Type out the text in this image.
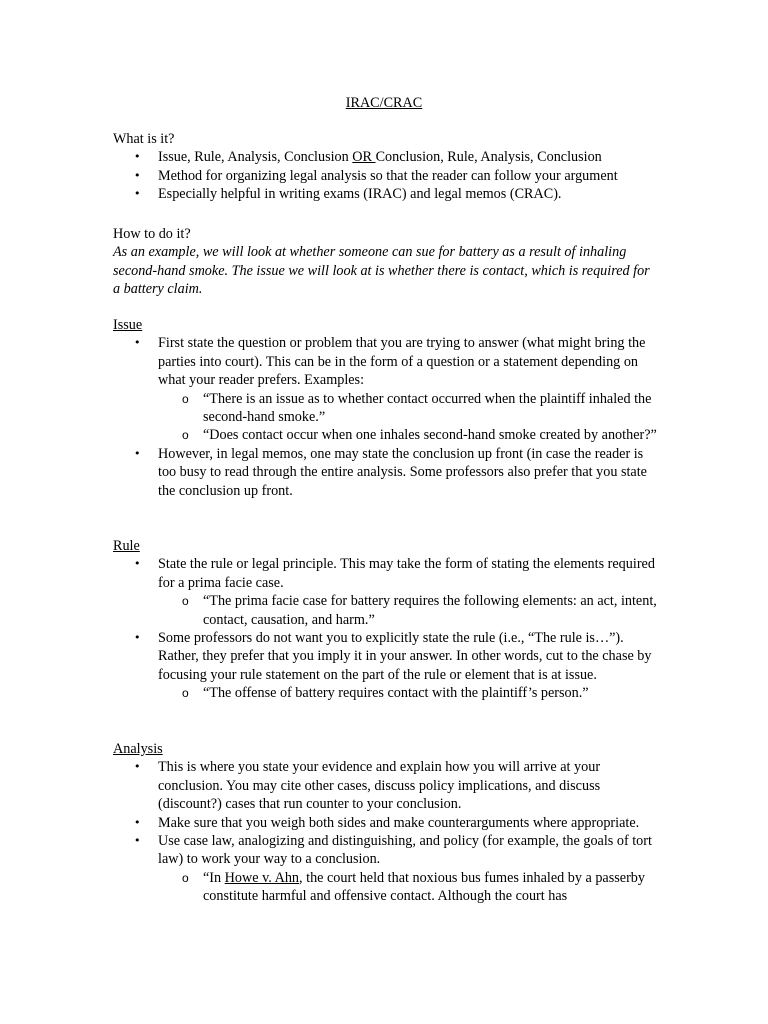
IRAC/CRAC

What is it?

• Issue, Rule, Analysis, Conclusion OR Conclusion, Rule, Analysis, Conclusion
• Method for organizing legal analysis so that the reader can follow your argument
• Especially helpful in writing exams (IRAC) and legal memos (CRAC).

How to do it?

As an example, we will look at whether someone can sue for battery as a result of inhaling second-hand smoke. The issue we will look at is whether there is contact, which is required for a battery claim.

Issue

• First state the question or problem that you are trying to answer (what might bring the parties into court). This can be in the form of a question or a statement depending on what your reader prefers. Examples:
o “There is an issue as to whether contact occurred when the plaintiff inhaled the second-hand smoke.”
o “Does contact occur when one inhales second-hand smoke created by another?”
• However, in legal memos, one may state the conclusion up front (in case the reader is too busy to read through the entire analysis. Some professors also prefer that you state the conclusion up front.

Rule

• State the rule or legal principle. This may take the form of stating the elements required for a prima facie case.
o “The prima facie case for battery requires the following elements: an act, intent, contact, causation, and harm.”
• Some professors do not want you to explicitly state the rule (i.e., “The rule is…”). Rather, they prefer that you imply it in your answer. In other words, cut to the chase by focusing your rule statement on the part of the rule or element that is at issue.
o “The offense of battery requires contact with the plaintiff’s person.”

Analysis

• This is where you state your evidence and explain how you will arrive at your conclusion. You may cite other cases, discuss policy implications, and discuss (discount?) cases that run counter to your conclusion.
• Make sure that you weigh both sides and make counterarguments where appropriate.
• Use case law, analogizing and distinguishing, and policy (for example, the goals of tort law) to work your way to a conclusion.
o “In Howe v. Ahn, the court held that noxious bus fumes inhaled by a passerby constitute harmful and offensive contact. Although the court has
